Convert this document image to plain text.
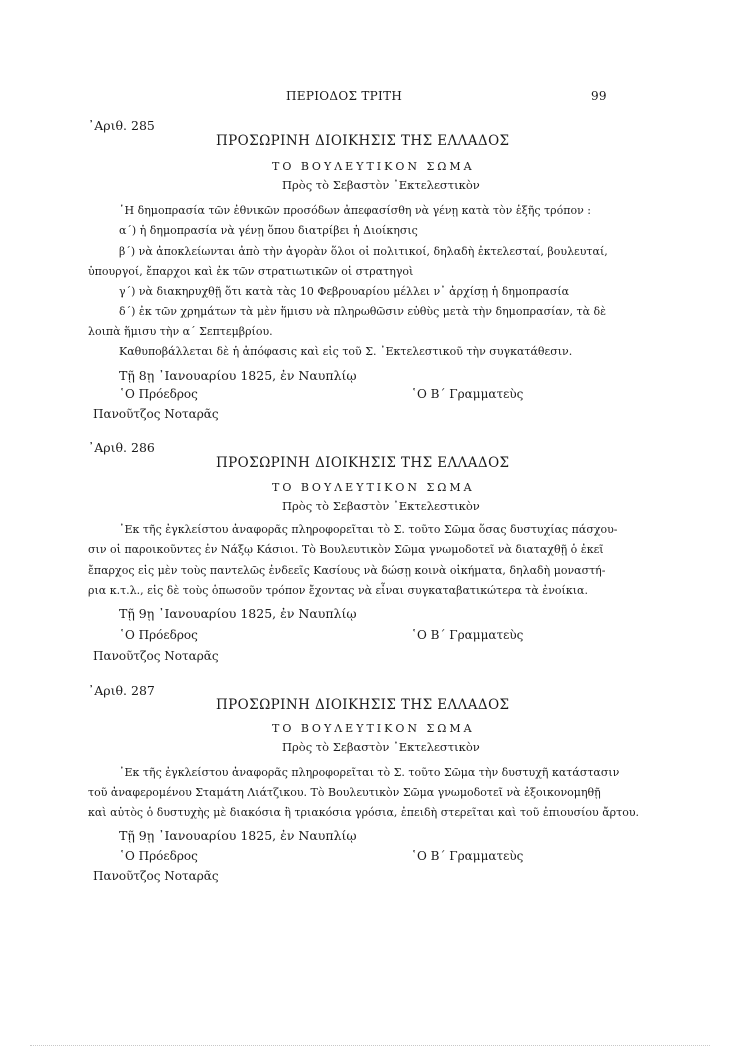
ΠΕΡΙΟΔΟΣ ΤΡΙΤΗ	99
᾿Αριθ. 285
ΠΡΟΣΩΡΙΝΗ ΔΙΟΙΚΗΣΙΣ ΤΗΣ ΕΛΛΑΔΟΣ
ΤΟ ΒΟΥΛΕΥΤΙΚΟΝ ΣΩΜΑ
Πρὸς τὸ Σεβαστὸν ᾿Εκτελεστικὸν
῾Η δημοπρασία τῶν ἐθνικῶν προσόδων ἀπεφασίσθη νὰ γένῃ κατὰ τὸν ἑξῆς τρόπον :
α΄) ἡ δημοπρασία νὰ γένῃ ὅπου διατρίβει ἡ Διοίκησις
β΄) νὰ ἀποκλείωνται ἀπὸ τὴν ἀγορὰν ὅλοι οἱ πολιτικοί, δηλαδὴ ἐκτελεσταί, βουλευταί,
ὑπουργοί, ἔπαρχοι καὶ ἐκ τῶν στρατιωτικῶν οἱ στρατηγοὶ
γ΄) νὰ διακηρυχθῇ ὅτι κατὰ τὰς 10 Φεβρουαρίου μέλλει ν᾿ ἀρχίσῃ ἡ δημοπρασία
δ΄) ἐκ τῶν χρημάτων τὰ μὲν ἥμισυ νὰ πληρωθῶσιν εὐθὺς μετὰ τὴν δημοπρασίαν, τὰ δὲ
λοιπὰ ἥμισυ τὴν α΄ Σεπτεμβρίου.
Καθυποβάλλεται δὲ ἡ ἀπόφασις καὶ εἰς τοῦ Σ. ᾿Εκτελεστικοῦ τὴν συγκατάθεσιν.
Τῇ 8ῃ ᾿Ιανουαρίου 1825, ἐν Ναυπλίῳ
῾Ο Πρόεδρος	῾Ο Β΄ Γραμματεὺς
Πανοῦτζος Νοταρᾶς
᾿Αριθ. 286
ΠΡΟΣΩΡΙΝΗ ΔΙΟΙΚΗΣΙΣ ΤΗΣ ΕΛΛΑΔΟΣ
ΤΟ ΒΟΥΛΕΥΤΙΚΟΝ ΣΩΜΑ
Πρὸς τὸ Σεβαστὸν ᾿Εκτελεστικὸν
᾿Εκ τῆς ἐγκλείστου ἀναφορᾶς πληροφορεῖται τὸ Σ. τοῦτο Σῶμα ὅσας δυστυχίας πάσχου-
σιν οἱ παροικοῦντες ἐν Νάξῳ Κάσιοι. Τὸ Βουλευτικὸν Σῶμα γνωμοδοτεῖ νὰ διαταχθῇ ὁ ἐκεῖ
ἔπαρχος εἰς μὲν τοὺς παντελῶς ἐνδεεῖς Κασίους νὰ δώσῃ κοινὰ οἰκήματα, δηλαδὴ μοναστή-
ρια κ.τ.λ., εἰς δὲ τοὺς ὁπωσοῦν τρόπον ἔχοντας νὰ εἶναι συγκαταβατικώτερα τὰ ἐνοίκια.
Τῇ 9ῃ ᾿Ιανουαρίου 1825, ἐν Ναυπλίῳ
῾Ο Πρόεδρος	῾Ο Β΄ Γραμματεὺς
Πανοῦτζος Νοταρᾶς
᾿Αριθ. 287
ΠΡΟΣΩΡΙΝΗ ΔΙΟΙΚΗΣΙΣ ΤΗΣ ΕΛΛΑΔΟΣ
ΤΟ ΒΟΥΛΕΥΤΙΚΟΝ ΣΩΜΑ
Πρὸς τὸ Σεβαστὸν ᾿Εκτελεστικὸν
᾿Εκ τῆς ἐγκλείστου ἀναφορᾶς πληροφορεῖται τὸ Σ. τοῦτο Σῶμα τὴν δυστυχῆ κατάστασιν
τοῦ ἀναφερομένου Σταμάτη Λιάτζικου. Τὸ Βουλευτικὸν Σῶμα γνωμοδοτεῖ νὰ ἐξοικονομηθῇ
καὶ αὐτὸς ὁ δυστυχὴς μὲ διακόσια ἢ τριακόσια γρόσια, ἐπειδὴ στερεῖται καὶ τοῦ ἐπιουσίου ἄρτου.
Τῇ 9ῃ ᾿Ιανουαρίου 1825, ἐν Ναυπλίῳ
῾Ο Πρόεδρος	῾Ο Β΄ Γραμματεὺς
Πανοῦτζος Νοταρᾶς
